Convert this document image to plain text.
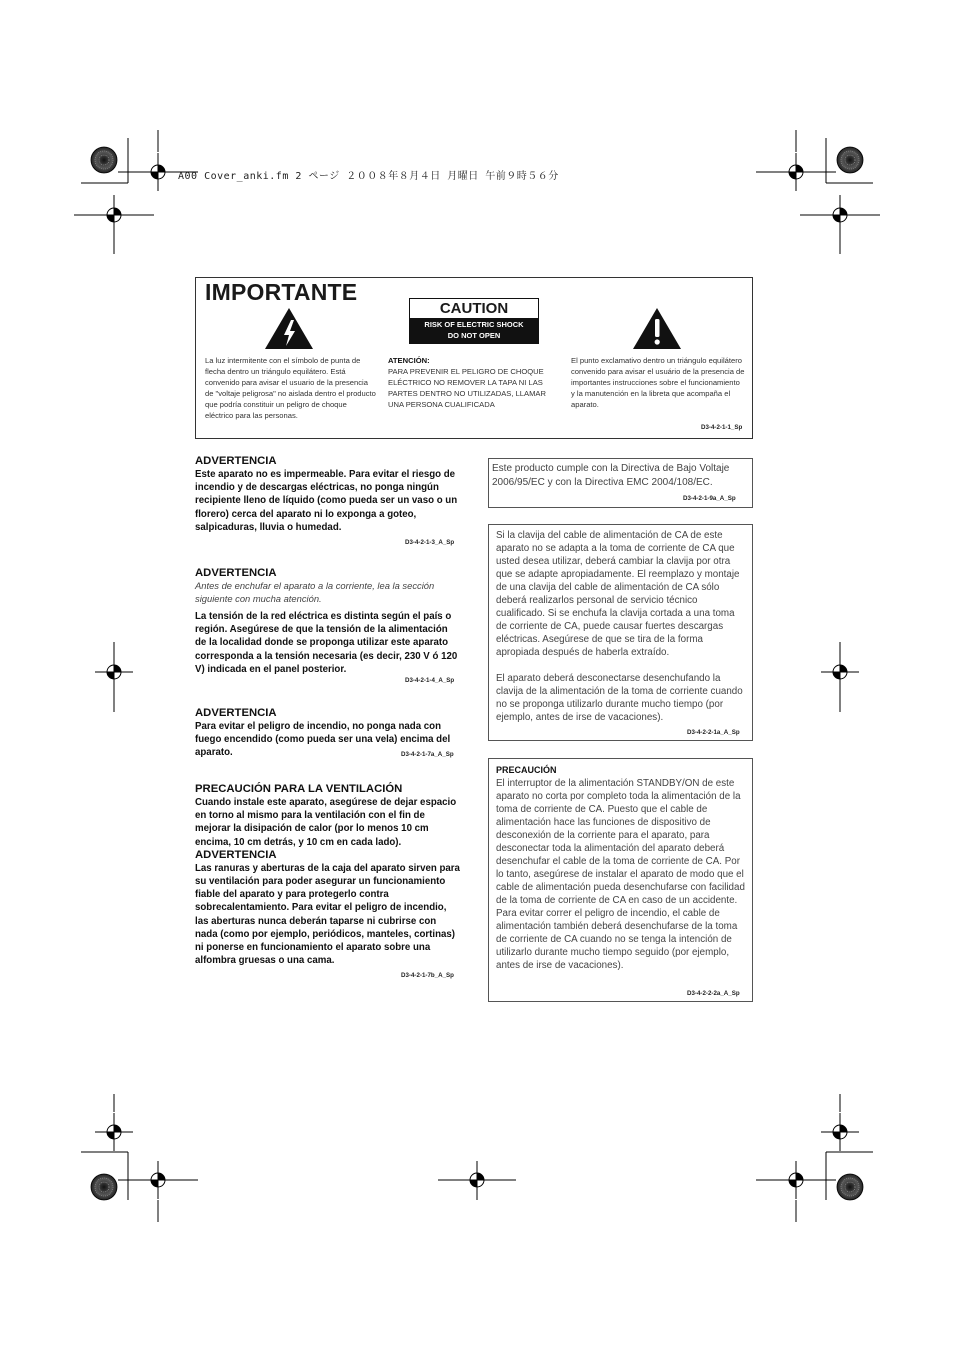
A00 Cover_anki.fm 2 ページ ２００８年８月４日 月曜日 午前９時５６分
IMPORTANTE
CAUTION
RISK OF ELECTRIC SHOCK
DO NOT OPEN
La luz intermitente con el símbolo de punta de flecha dentro un triángulo equilátero. Está convenido para avisar el usuario de la presencia de "voltaje peligrosa" no aislada dentro el producto que podría constituir un peligro de choque eléctrico para las personas.
ATENCIÓN:
PARA PREVENIR EL PELIGRO DE CHOQUE ELÉCTRICO NO REMOVER LA TAPA NI LAS PARTES DENTRO NO UTILIZADAS, LLAMAR UNA PERSONA CUALIFICADA
El punto exclamativo dentro un triángulo equilátero convenido para avisar el usuário de la presencia de importantes instrucciones sobre el funcionamiento y la manutención en la libreta que acompaña el aparato.
D3-4-2-1-1_Sp
ADVERTENCIA
Este aparato no es impermeable. Para evitar el riesgo de incendio y de descargas eléctricas, no ponga ningún recipiente lleno de líquido (como pueda ser un vaso o un florero) cerca del aparato ni lo exponga a goteo, salpicaduras, lluvia o humedad.
D3-4-2-1-3_A_Sp
ADVERTENCIA
Antes de enchufar el aparato a la corriente, lea la sección siguiente con mucha atención.
La tensión de la red eléctrica es distinta según el país o región. Asegúrese de que la tensión de la alimentación de la localidad donde se proponga utilizar este aparato corresponda a la tensión necesaria (es decir, 230 V ó 120 V) indicada en el panel posterior.
D3-4-2-1-4_A_Sp
ADVERTENCIA
Para evitar el peligro de incendio, no ponga nada con fuego encendido (como pueda ser una vela) encima del aparato.	D3-4-2-1-7a_A_Sp
PRECAUCIÓN PARA LA VENTILACIÓN
Cuando instale este aparato, asegúrese de dejar espacio en torno al mismo para la ventilación con el fin de mejorar la disipación de calor (por lo menos 10 cm encima, 10 cm detrás, y 10 cm en cada lado).
ADVERTENCIA
Las ranuras y aberturas de la caja del aparato sirven para su ventilación para poder asegurar un funcionamiento fiable del aparato y para protegerlo contra sobrecalentamiento. Para evitar el peligro de incendio, las aberturas nunca deberán taparse ni cubrirse con nada (como por ejemplo, periódicos, manteles, cortinas) ni ponerse en funcionamiento el aparato sobre una alfombra gruesas o una cama.
D3-4-2-1-7b_A_Sp
Este producto cumple con la Directiva de Bajo Voltaje 2006/95/EC y con la Directiva EMC 2004/108/EC.
D3-4-2-1-9a_A_Sp
Si la clavija del cable de alimentación de CA de este aparato no se adapta a la toma de corriente de CA que usted desea utilizar, deberá cambiar la clavija por otra que se adapte apropiadamente. El reemplazo y montaje de una clavija del cable de alimentación de CA sólo deberá realizarlos personal de servicio técnico cualificado. Si se enchufa la clavija cortada a una toma de corriente de CA, puede causar fuertes descargas eléctricas. Asegúrese de que se tira de la forma apropiada después de haberla extraído.
El aparato deberá desconectarse desenchufando la clavija de la alimentación de la toma de corriente cuando no se proponga utilizarlo durante mucho tiempo (por ejemplo, antes de irse de vacaciones).
D3-4-2-2-1a_A_Sp
PRECAUCIÓN
El interruptor de la alimentación STANDBY/ON de este aparato no corta por completo toda la alimentación de la toma de corriente de CA. Puesto que el cable de alimentación hace las funciones de dispositivo de desconexión de la corriente para el aparato, para desconectar toda la alimentación del aparato deberá desenchufar el cable de la toma de corriente de CA. Por lo tanto, asegúrese de instalar el aparato de modo que el cable de alimentación pueda desenchufarse con facilidad de la toma de corriente de CA en caso de un accidente. Para evitar correr el peligro de incendio, el cable de alimentación también deberá desenchufarse de la toma de corriente de CA cuando no se tenga la intención de utilizarlo durante mucho tiempo seguido (por ejemplo, antes de irse de vacaciones).
D3-4-2-2-2a_A_Sp
